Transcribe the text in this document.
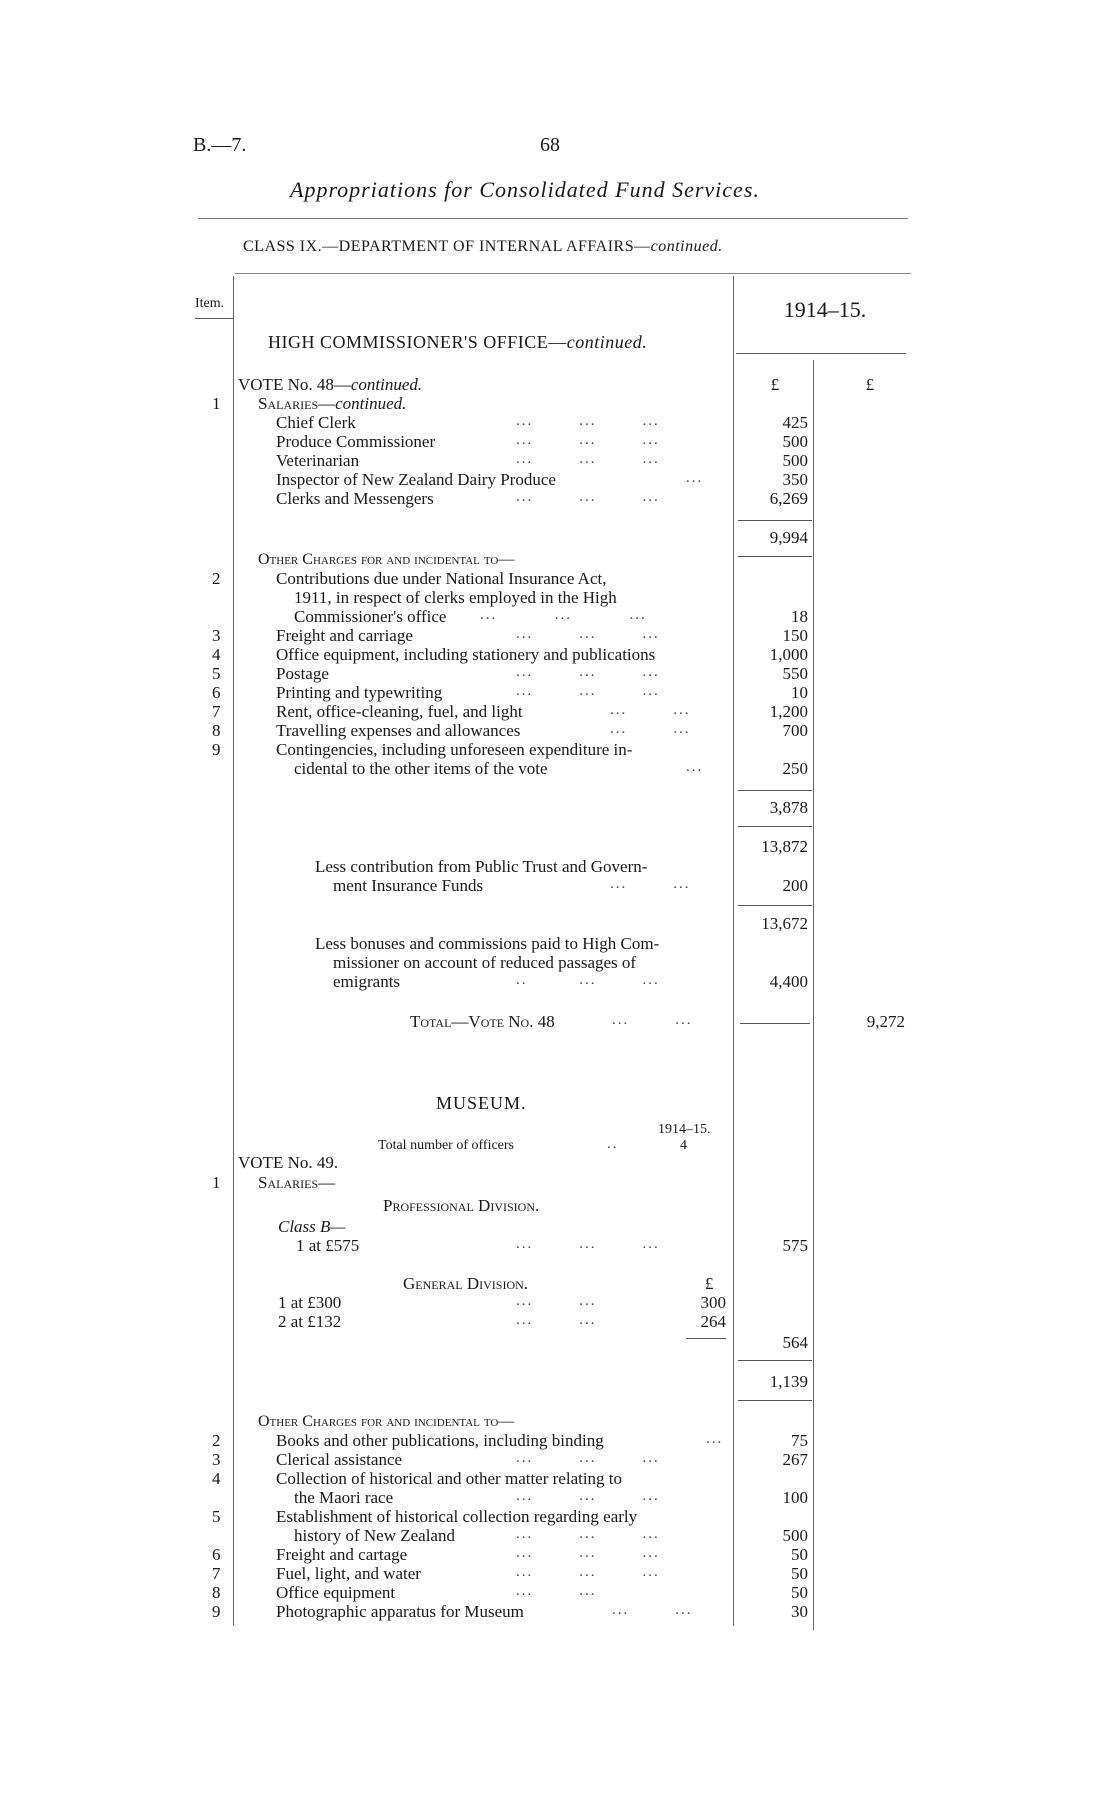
B.—7.	68
Appropriations for Consolidated Fund Services.
CLASS IX.—DEPARTMENT OF INTERNAL AFFAIRS—continued.
Item.	1914–15.
HIGH COMMISSIONER'S OFFICE—continued.
VOTE No. 48—continued.	£	£
1 Salaries—continued.
Chief Clerk	...        ...        ...	425
Produce Commissioner	...        ...        ...	500
Veterinarian	...        ...        ...	500
Inspector of New Zealand Dairy Produce	...	350
Clerks and Messengers	...        ...        ...	6,269
9,994
Other Charges for and incidental to—
2	Contributions due under National Insurance Act,
1911, in respect of clerks employed in the High
Commissioner's office ...          ...          ...	18
3	Freight and carriage	...        ...        ...	150
4	Office equipment, including stationery and publications	1,000
5	Postage	...        ...        ...	550
6	Printing and typewriting	...        ...        ...	10
7	Rent, office-cleaning, fuel, and light	...        ...	1,200
8	Travelling expenses and allowances	...        ...	700
9	Contingencies, including unforeseen expenditure in-
cidental to the other items of the vote	...	250
3,878
13,872
Less contribution from Public Trust and Govern-
ment Insurance Funds	...        ...	200
13,672
Less bonuses and commissions paid to High Com-
missioner on account of reduced passages of
emigrants	..         ...        ...	4,400
Total—Vote No. 48	...        ...	9,272
MUSEUM.
1914–15.
Total number of officers	..	4
VOTE No. 49.
1 Salaries—
Professional Division.
Class B—
1 at £575	...        ...        ...	575
General Division.	£
1 at £300	...        ...	300
2 at £132	...        ...	264
564
1,139
Other Charges for and incidental to—
2	Books and other publications, including binding	...	75
3	Clerical assistance	...        ...        ...	267
4	Collection of historical and other matter relating to
the Maori race	...        ...        ...	100
5	Establishment of historical collection regarding early
history of New Zealand	...        ...        ...	500
6	Freight and cartage	...        ...        ...	50
7	Fuel, light, and water	...        ...        ...	50
8	Office equipment	...        ...	50
9	Photographic apparatus for Museum	...        ...	30
